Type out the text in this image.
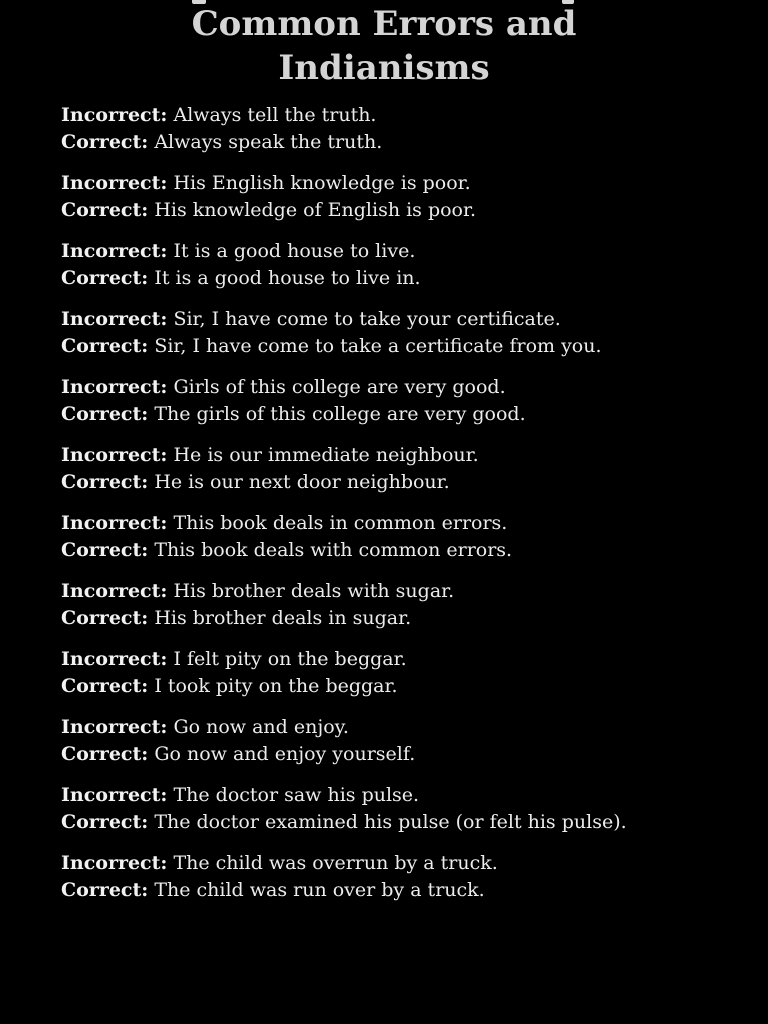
Common Errors and
Indianisms
Incorrect: Always tell the truth.
Correct: Always speak the truth.
Incorrect: His English knowledge is poor.
Correct: His knowledge of English is poor.
Incorrect: It is a good house to live.
Correct: It is a good house to live in.
Incorrect: Sir, I have come to take your certificate.
Correct: Sir, I have come to take a certificate from you.
Incorrect: Girls of this college are very good.
Correct: The girls of this college are very good.
Incorrect: He is our immediate neighbour.
Correct: He is our next door neighbour.
Incorrect: This book deals in common errors.
Correct: This book deals with common errors.
Incorrect: His brother deals with sugar.
Correct: His brother deals in sugar.
Incorrect: I felt pity on the beggar.
Correct: I took pity on the beggar.
Incorrect: Go now and enjoy.
Correct: Go now and enjoy yourself.
Incorrect: The doctor saw his pulse.
Correct: The doctor examined his pulse (or felt his pulse).
Incorrect: The child was overrun by a truck.
Correct: The child was run over by a truck.
